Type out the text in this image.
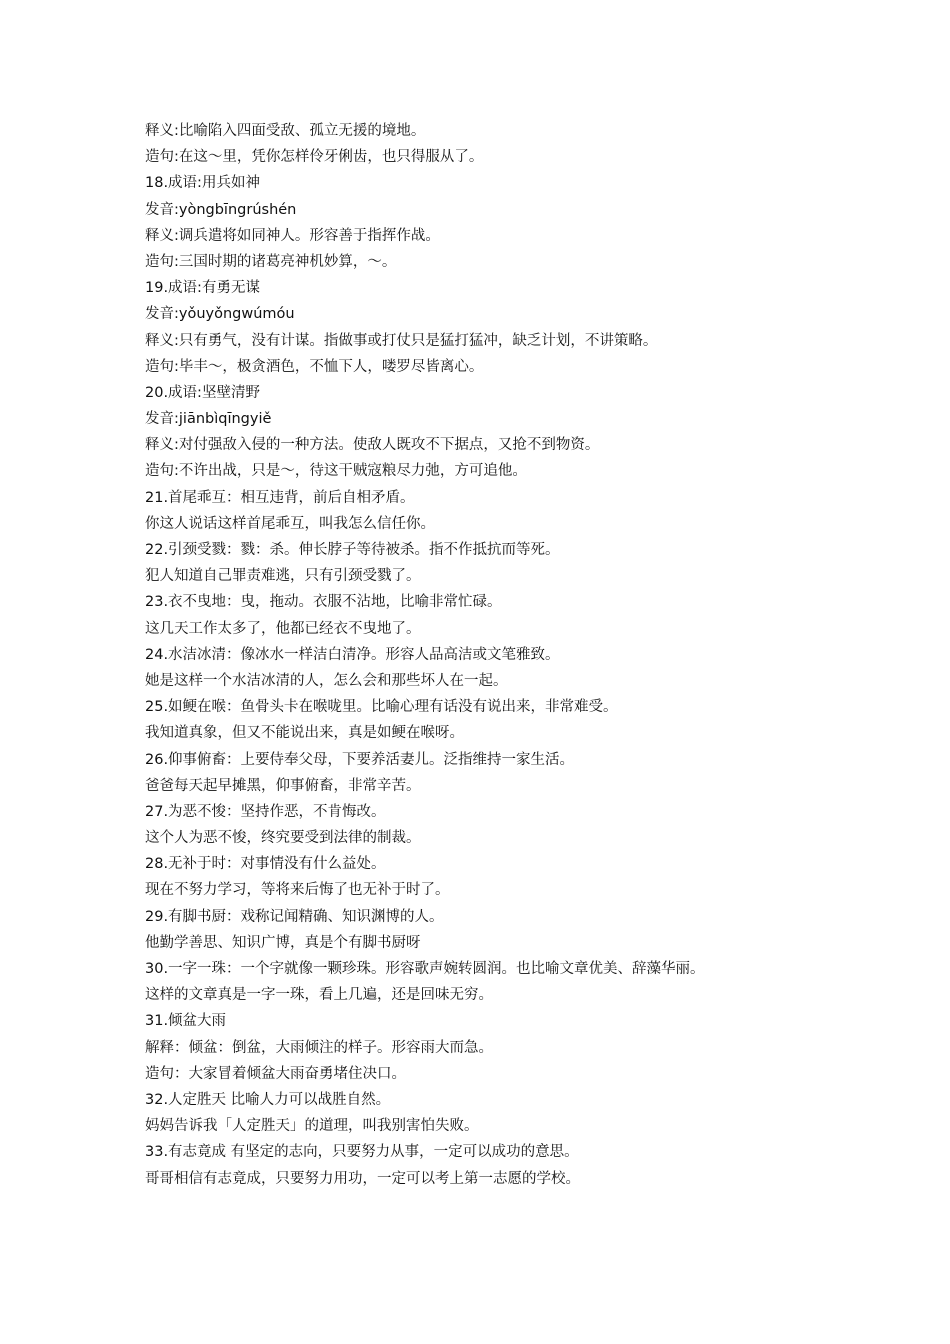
释义:比喻陷入四面受敌、孤立无援的境地。
造句:在这～里，凭你怎样伶牙俐齿，也只得服从了。
18.成语:用兵如神
发音:yòngbīngrúshén
释义:调兵遣将如同神人。形容善于指挥作战。
造句:三国时期的诸葛亮神机妙算，～。
19.成语:有勇无谋
发音:yǒuyǒngwúmóu
释义:只有勇气，没有计谋。指做事或打仗只是猛打猛冲，缺乏计划，不讲策略。
造句:毕丰～，极贪酒色，不恤下人，喽罗尽皆离心。
20.成语:坚壁清野
发音:jiānbìqīngyiě
释义:对付强敌入侵的一种方法。使敌人既攻不下据点，又抢不到物资。
造句:不许出战，只是～，待这干贼寇粮尽力弛，方可追他。
21.首尾乖互：相互违背，前后自相矛盾。
你这人说话这样首尾乖互，叫我怎么信任你。
22.引颈受戮：戮：杀。伸长脖子等待被杀。指不作抵抗而等死。
犯人知道自己罪责难逃，只有引颈受戮了。
23.衣不曳地：曳，拖动。衣服不沾地，比喻非常忙碌。
这几天工作太多了，他都已经衣不曳地了。
24.水洁冰清：像冰水一样洁白清净。形容人品高洁或文笔雅致。
她是这样一个水洁冰清的人，怎么会和那些坏人在一起。
25.如鲠在喉：鱼骨头卡在喉咙里。比喻心理有话没有说出来，非常难受。
我知道真象，但又不能说出来，真是如鲠在喉呀。
26.仰事俯畜：上要侍奉父母，下要养活妻儿。泛指维持一家生活。
爸爸每天起早摊黑，仰事俯畜，非常辛苦。
27.为恶不悛：坚持作恶，不肯悔改。
这个人为恶不悛，终究要受到法律的制裁。
28.无补于时：对事情没有什么益处。
现在不努力学习，等将来后悔了也无补于时了。
29.有脚书厨：戏称记闻精确、知识渊博的人。
他勤学善思、知识广博，真是个有脚书厨呀
30.一字一珠：一个字就像一颗珍珠。形容歌声婉转圆润。也比喻文章优美、辞藻华丽。
这样的文章真是一字一珠，看上几遍，还是回味无穷。
31.倾盆大雨
解释：倾盆：倒盆，大雨倾注的样子。形容雨大而急。
造句：大家冒着倾盆大雨奋勇堵住决口。
32.人定胜天 比喻人力可以战胜自然。
妈妈告诉我「人定胜天」的道理，叫我别害怕失败。
33.有志竟成 有坚定的志向，只要努力从事，一定可以成功的意思。
哥哥相信有志竟成，只要努力用功，一定可以考上第一志愿的学校。
